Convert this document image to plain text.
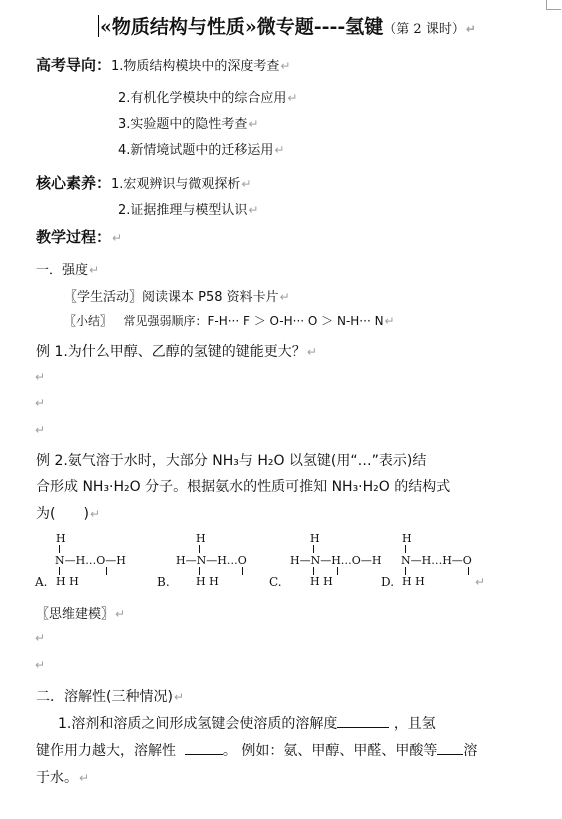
«物质结构与性质»微专题----氢键（第 2 课时）↵
高考导向：1.物质结构模块中的深度考查↵
2.有机化学模块中的综合应用↵
3.实验题中的隐性考查↵
4.新情境试题中的迁移运用↵
核心素养：1.宏观辨识与微观探析↵
2.证据推理与模型认识↵
教学过程：↵
一．强度↵
〖学生活动〗阅读课本 P58 资料卡片↵
〖小结〗 常见强弱顺序：F-H··· F ＞ O-H··· O ＞ N-H··· N↵
例 1.为什么甲醇、乙醇的氢键的键能更大？↵
↵
↵
↵
例 2.氨气溶于水时，大部分 NH₃与 H₂O 以氢键(用“…”表示)结
合形成 NH₃·H₂O 分子。根据氨水的性质可推知 NH₃·H₂O 的结构式
为(　　)↵
H
N—H…O—H
A. H H
H
H—N—H…O
B. H H
H
H—N—H…O—H
C.	H H
H
N—H…H—O
D. H H	↵
〖思维建模〗↵
↵
↵
二．溶解性(三种情况)↵
1.溶剂和溶质之间形成氢键会使溶质的溶解度	，且氢
键作用力越大，溶解性	。 例如：氨、甲醇、甲醛、甲酸等 溶
于水。↵
